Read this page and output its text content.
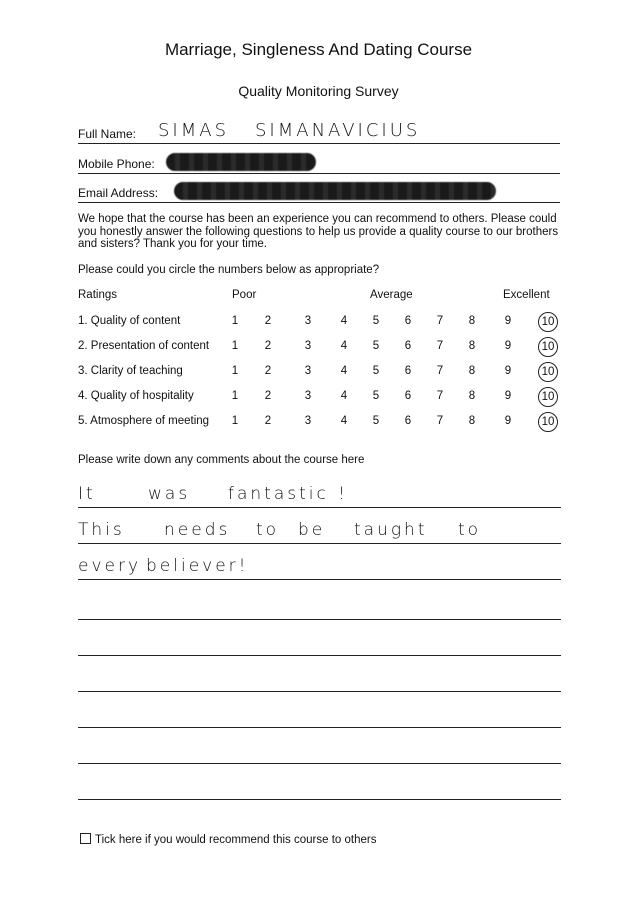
Marriage, Singleness And Dating Course
Quality Monitoring Survey
Full Name: SIMAS SIMANAVICIUS
Mobile Phone:
Email Address:
We hope that the course has been an experience you can recommend to others. Please could you honestly answer the following questions to help us provide a quality course to our brothers and sisters? Thank you for your time.
Please could you circle the numbers below as appropriate?
Ratings	Poor	Average	Excellent
1. Quality of content	1	2	3	4	5	6	7	8	9	10
2. Presentation of content	1	2	3	4	5	6	7	8	9	10
3. Clarity of teaching	1	2	3	4	5	6	7	8	9	10
4. Quality of hospitality	1	2	3	4	5	6	7	8	9	10
5. Atmosphere of meeting	1	2	3	4	5	6	7	8	9	10
Please write down any comments about the course here
It	was fantastic !
This needs to be taught to
every believer!
Tick here if you would recommend this course to others
